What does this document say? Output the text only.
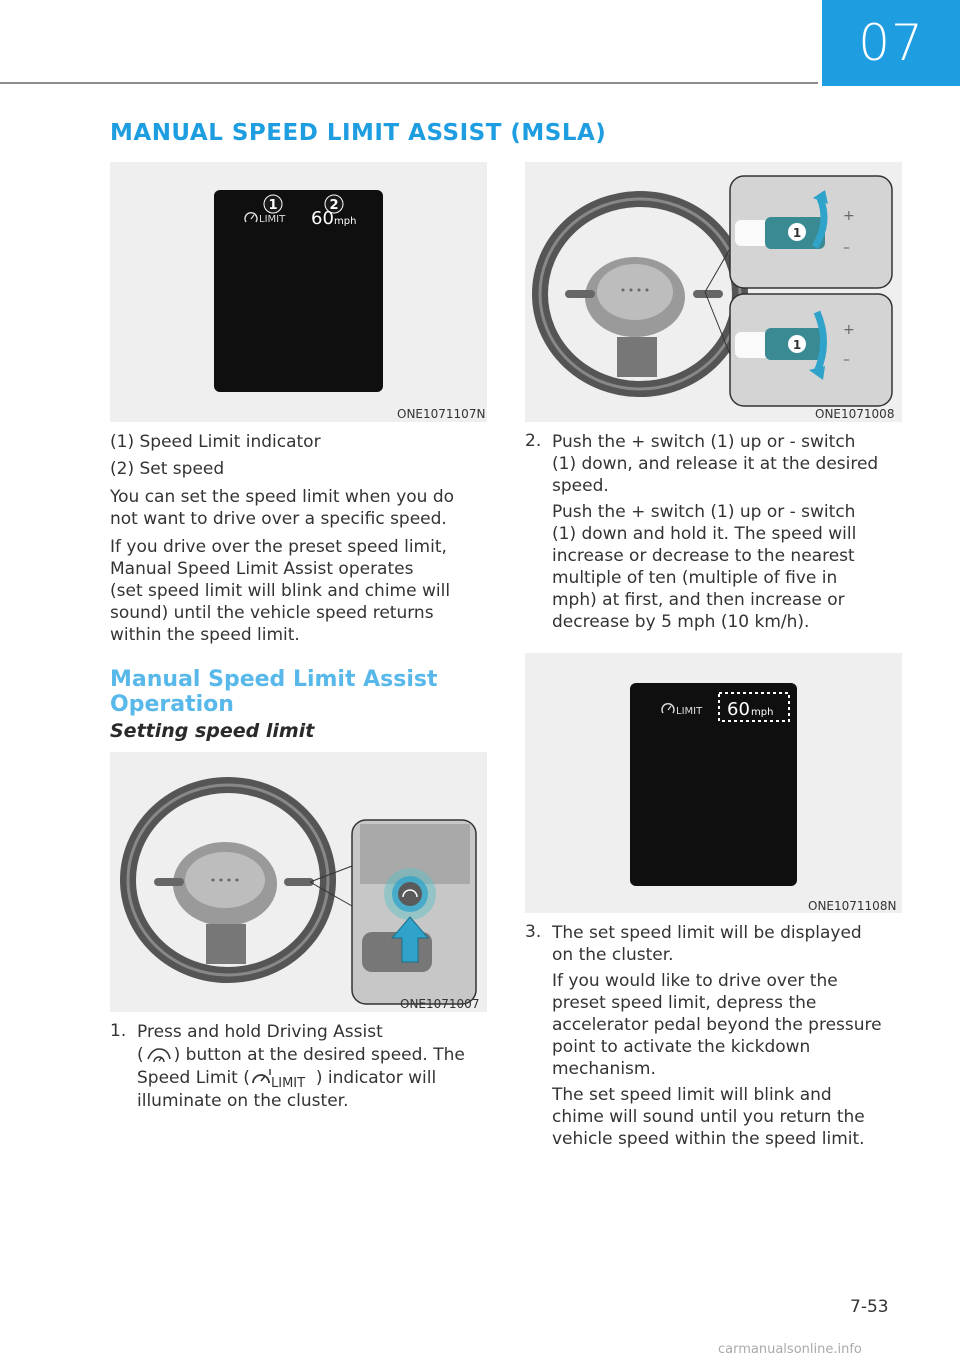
07
MANUAL SPEED LIMIT ASSIST (MSLA)
1	2
LIMIT 60 mph
ONE1071107N
1
+
–
1
+
–
ONE1071008
(1) Speed Limit indicator
(2) Set speed
You can set the speed limit when you do
not want to drive over a specific speed.
If you drive over the preset speed limit,
Manual Speed Limit Assist operates
(set speed limit will blink and chime will
sound) until the vehicle speed returns
within the speed limit.
Manual Speed Limit Assist
Operation
Setting speed limit
ONE1071007
1. Press and hold Driving Assist
( ) button at the desired speed. The
Speed Limit ( LIMIT ) indicator will
illuminate on the cluster.
2. Push the + switch (1) up or - switch
(1) down, and release it at the desired
speed.
Push the + switch (1) up or - switch
(1) down and hold it. The speed will
increase or decrease to the nearest
multiple of ten (multiple of five in
mph) at first, and then increase or
decrease by 5 mph (10 km/h).
LIMIT 60 mph
ONE1071108N
3. The set speed limit will be displayed
on the cluster.
If you would like to drive over the
preset speed limit, depress the
accelerator pedal beyond the pressure
point to activate the kickdown
mechanism.
The set speed limit will blink and
chime will sound until you return the
vehicle speed within the speed limit.
7-53
carmanualsonline.info
